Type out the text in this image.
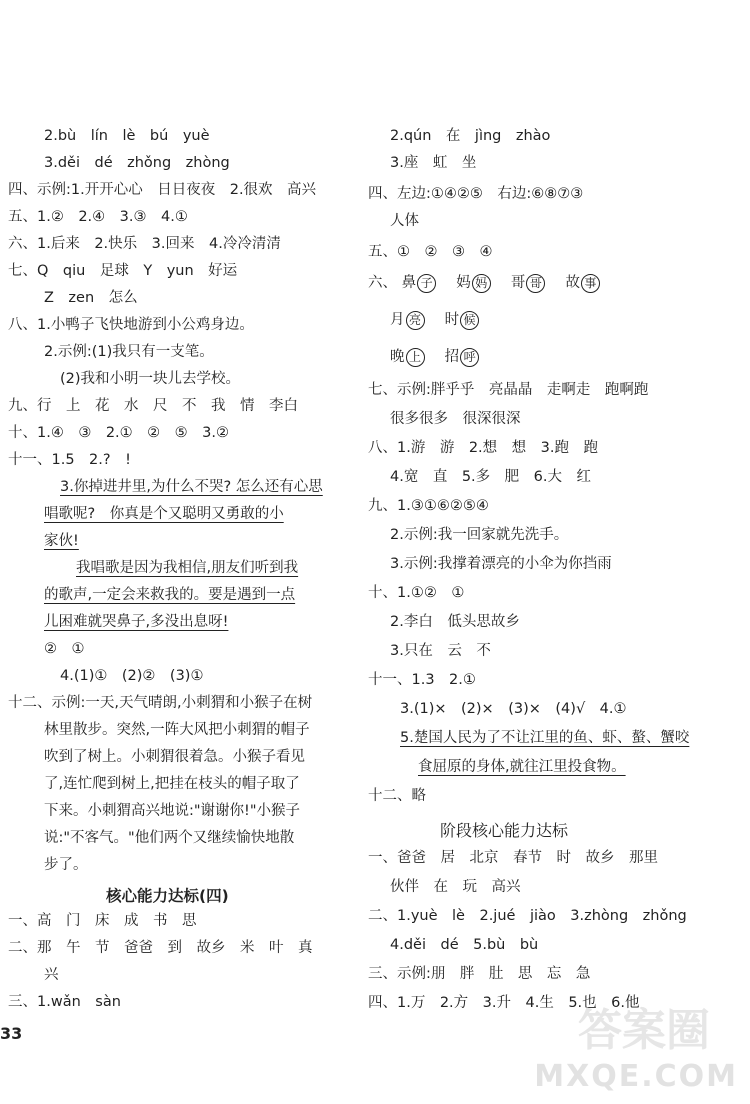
2.bù　lín　lè　bú　yuè
3.děi　dé　zhǒng　zhòng
四、示例:1.开开心心　日日夜夜　2.很欢　高兴
五、1.②　2.④　3.③　4.①
六、1.后来　2.快乐　3.回来　4.冷冷清清
七、Q　qiu　足球　Y　yun　好运
Z　zen　怎么
八、1.小鸭子飞快地游到小公鸡身边。
2.示例:(1)我只有一支笔。
(2)我和小明一块儿去学校。
九、行　上　花　水　尺　不　我　情　李白
十、1.④　③　2.①　②　⑤　3.②
十一、1.5　2.?　!
3.你掉进井里,为什么不哭? 怎么还有心思
唱歌呢?　你真是个又聪明又勇敢的小
家伙!
我唱歌是因为我相信,朋友们听到我
的歌声,一定会来救我的。要是遇到一点
儿困难就哭鼻子,多没出息呀!
②　①
4.(1)①　(2)②　(3)①
十二、示例:一天,天气晴朗,小刺猬和小猴子在树
林里散步。突然,一阵大风把小刺猬的帽子
吹到了树上。小刺猬很着急。小猴子看见
了,连忙爬到树上,把挂在枝头的帽子取了
下来。小刺猬高兴地说:"谢谢你!"小猴子
说:"不客气。"他们两个又继续愉快地散
步了。
一、高　门　床　成　书　思
二、那　午　节　爸爸　到　故乡　米　叶　真
兴
三、1.wǎn　sàn
核心能力达标(四)
2.qún　在　jìng　zhào
3.座　虹　坐
四、左边:①④②⑤　右边:⑥⑧⑦③
人体
五、①　②　③　④
七、示例:胖乎乎　亮晶晶　走啊走　跑啊跑
很多很多　很深很深
八、1.游　游　2.想　想　3.跑　跑
4.宽　直　5.多　肥　6.大　红
九、1.③①⑥②⑤④
2.示例:我一回家就先洗手。
3.示例:我撑着漂亮的小伞为你挡雨
十、1.①②　①
2.李白　低头思故乡
3.只在　云　不
十一、1.3　2.①
3.(1)×　(2)×　(3)×　(4)√　4.①
5.楚国人民为了不让江里的鱼、虾、螯、蟹咬
食屈原的身体,就往江里投食物。
十二、略
一、爸爸　居　北京　春节　时　故乡　那里
伙伴　在　玩　高兴
二、1.yuè　lè　2.jué　jiào　3.zhòng　zhǒng
4.děi　dé　5.bù　bù
三、示例:朋　胖　肚　思　忘　急
四、1.万　2.方　3.升　4.生　5.也　6.他
阶段核心能力达标
六、 鼻 子　 妈 妈　 哥 哥　 故 事
月 亮　 时 候
晚 上　 招 呼
33	答案圈
MXQE.COM
